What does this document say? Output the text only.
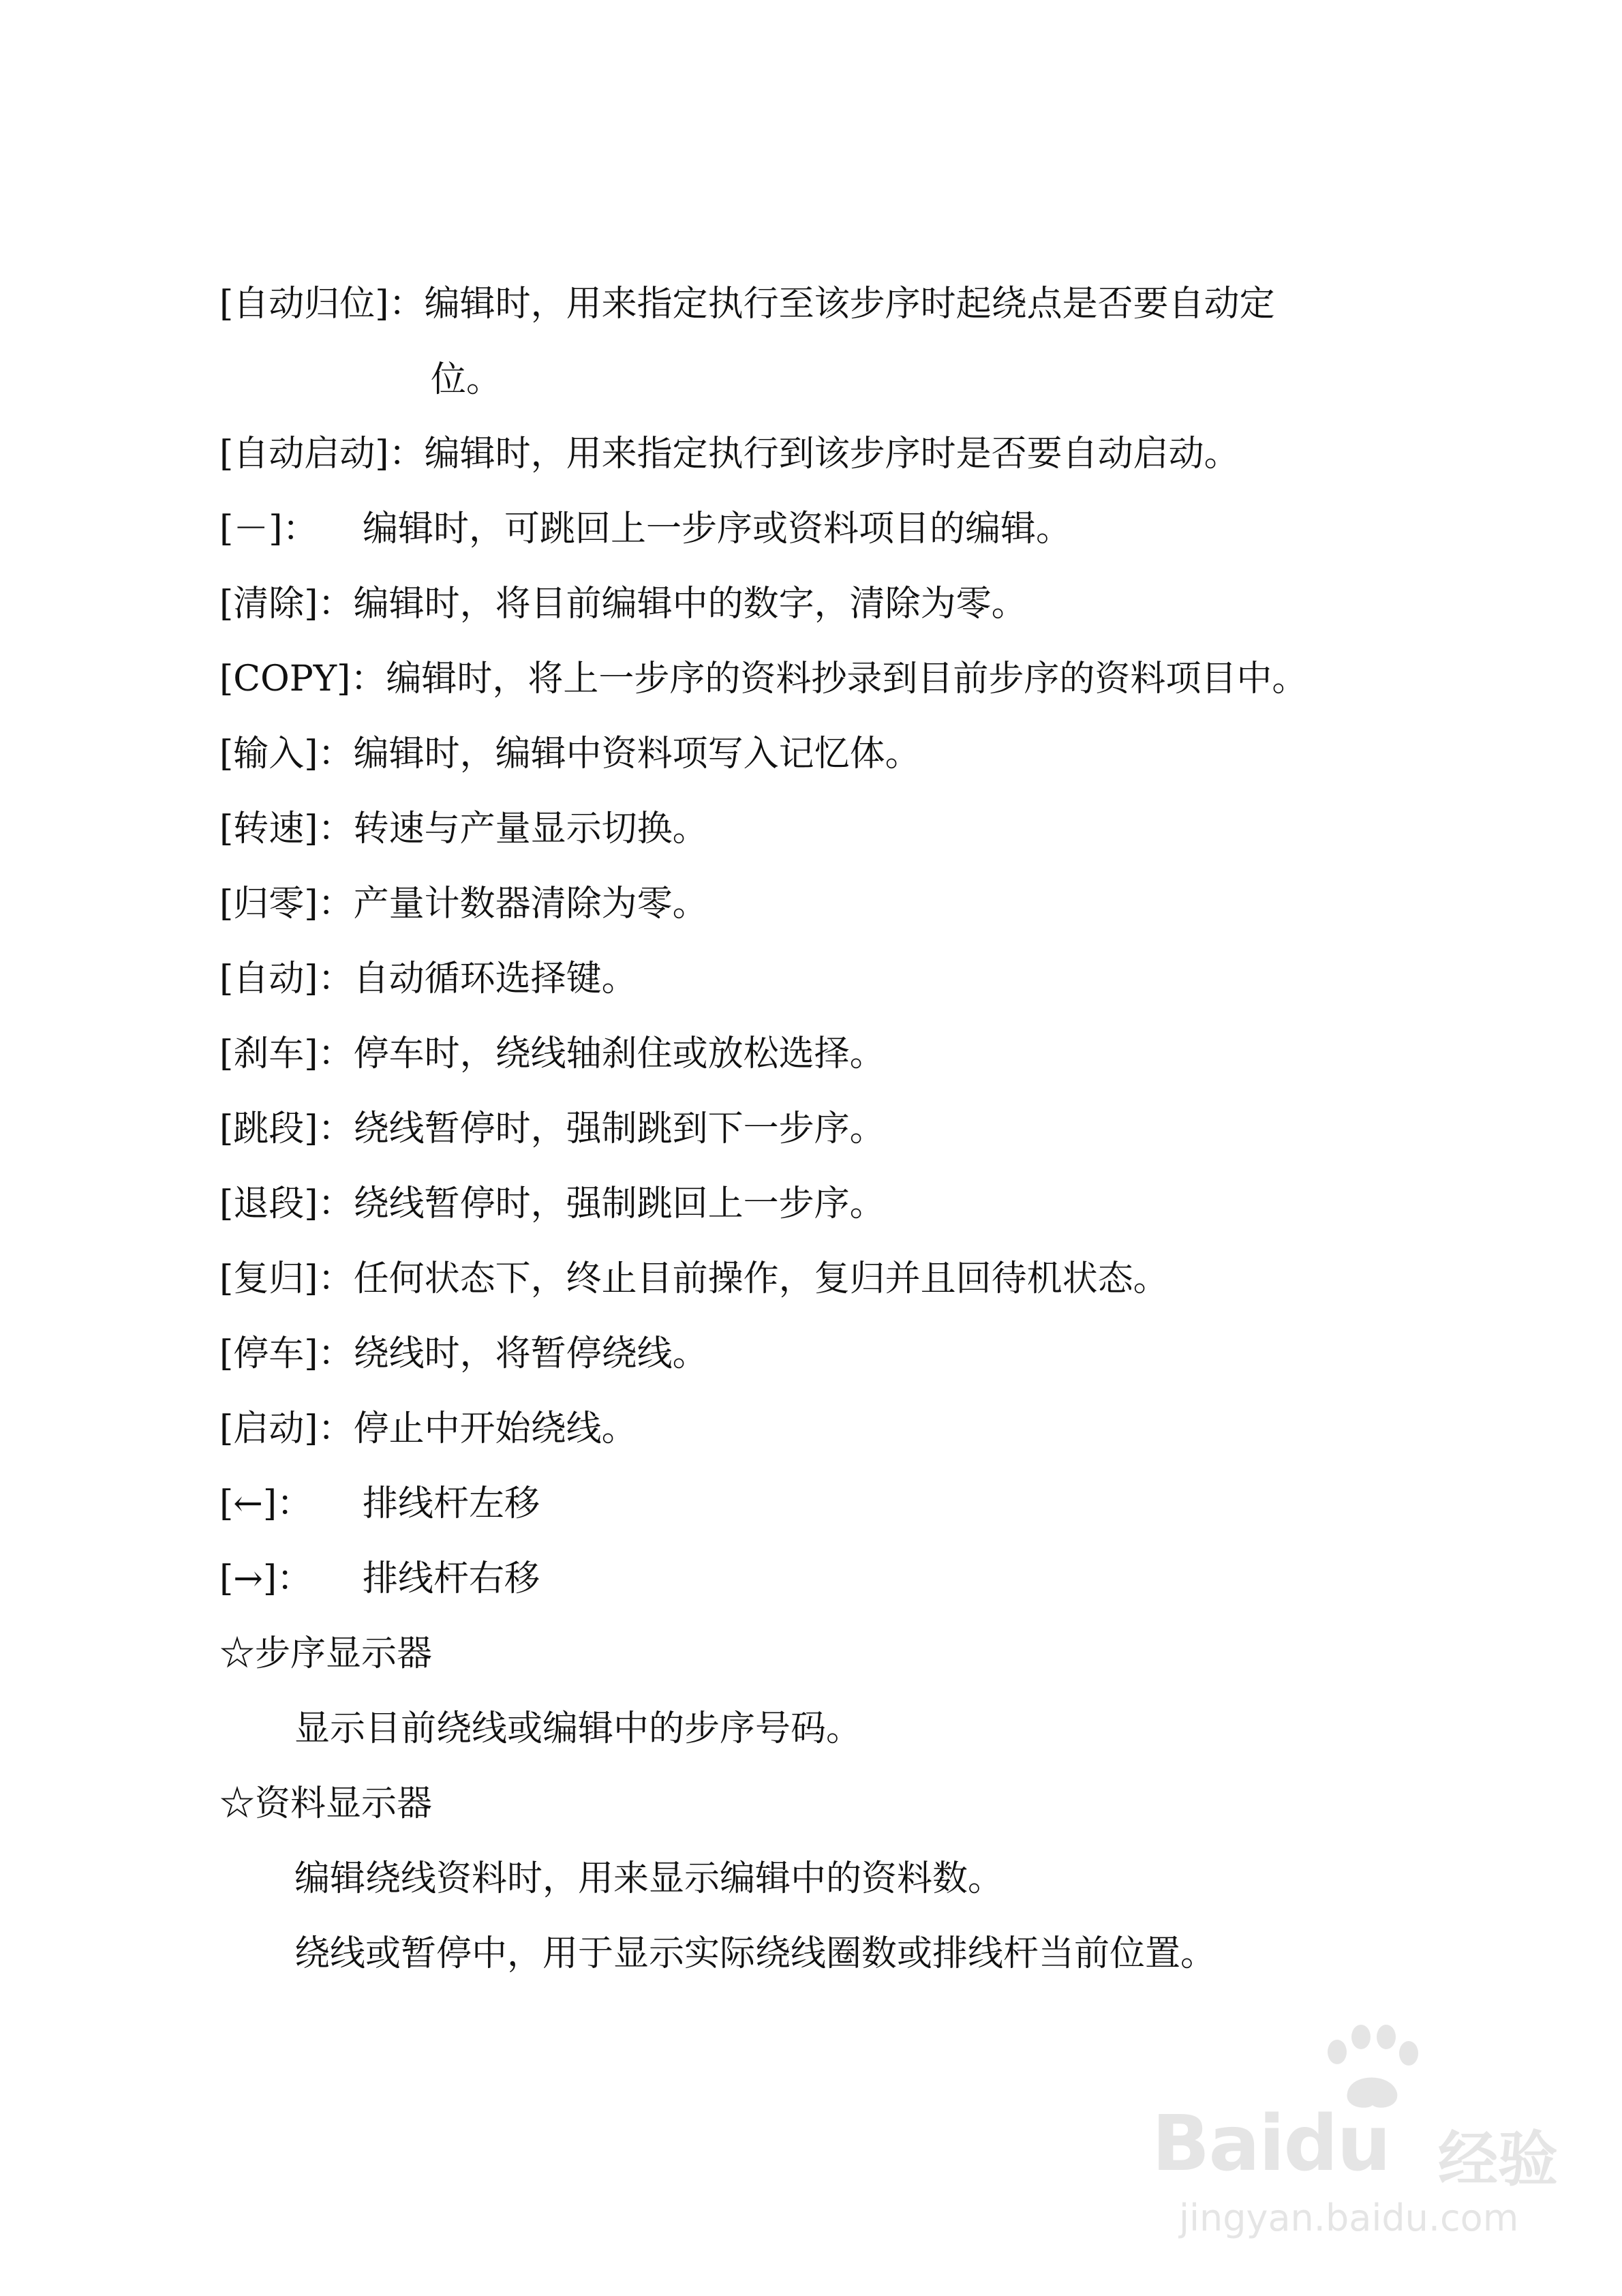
[自动归位]：编辑时，用来指定执行至该步序时起绕点是否要自动定
位。
[自动启动]：编辑时，用来指定执行到该步序时是否要自动启动。
[－]： 编辑时，可跳回上一步序或资料项目的编辑。
[清除]：编辑时，将目前编辑中的数字，清除为零。
[COPY]：编辑时，将上一步序的资料抄录到目前步序的资料项目中。
[输入]：编辑时，编辑中资料项写入记忆体。
[转速]：转速与产量显示切换。
[归零]：产量计数器清除为零。
[自动]：自动循环选择键。
[刹车]：停车时，绕线轴刹住或放松选择。
[跳段]：绕线暂停时，强制跳到下一步序。
[退段]：绕线暂停时，强制跳回上一步序。
[复归]：任何状态下，终止目前操作，复归并且回待机状态。
[停车]：绕线时，将暂停绕线。
[启动]：停止中开始绕线。
[←]： 排线杆左移
[→]： 排线杆右移
☆步序显示器
显示目前绕线或编辑中的步序号码。
☆资料显示器
编辑绕线资料时，用来显示编辑中的资料数。
绕线或暂停中，用于显示实际绕线圈数或排线杆当前位置。
Baidu 经验
jingyan.baidu.com
